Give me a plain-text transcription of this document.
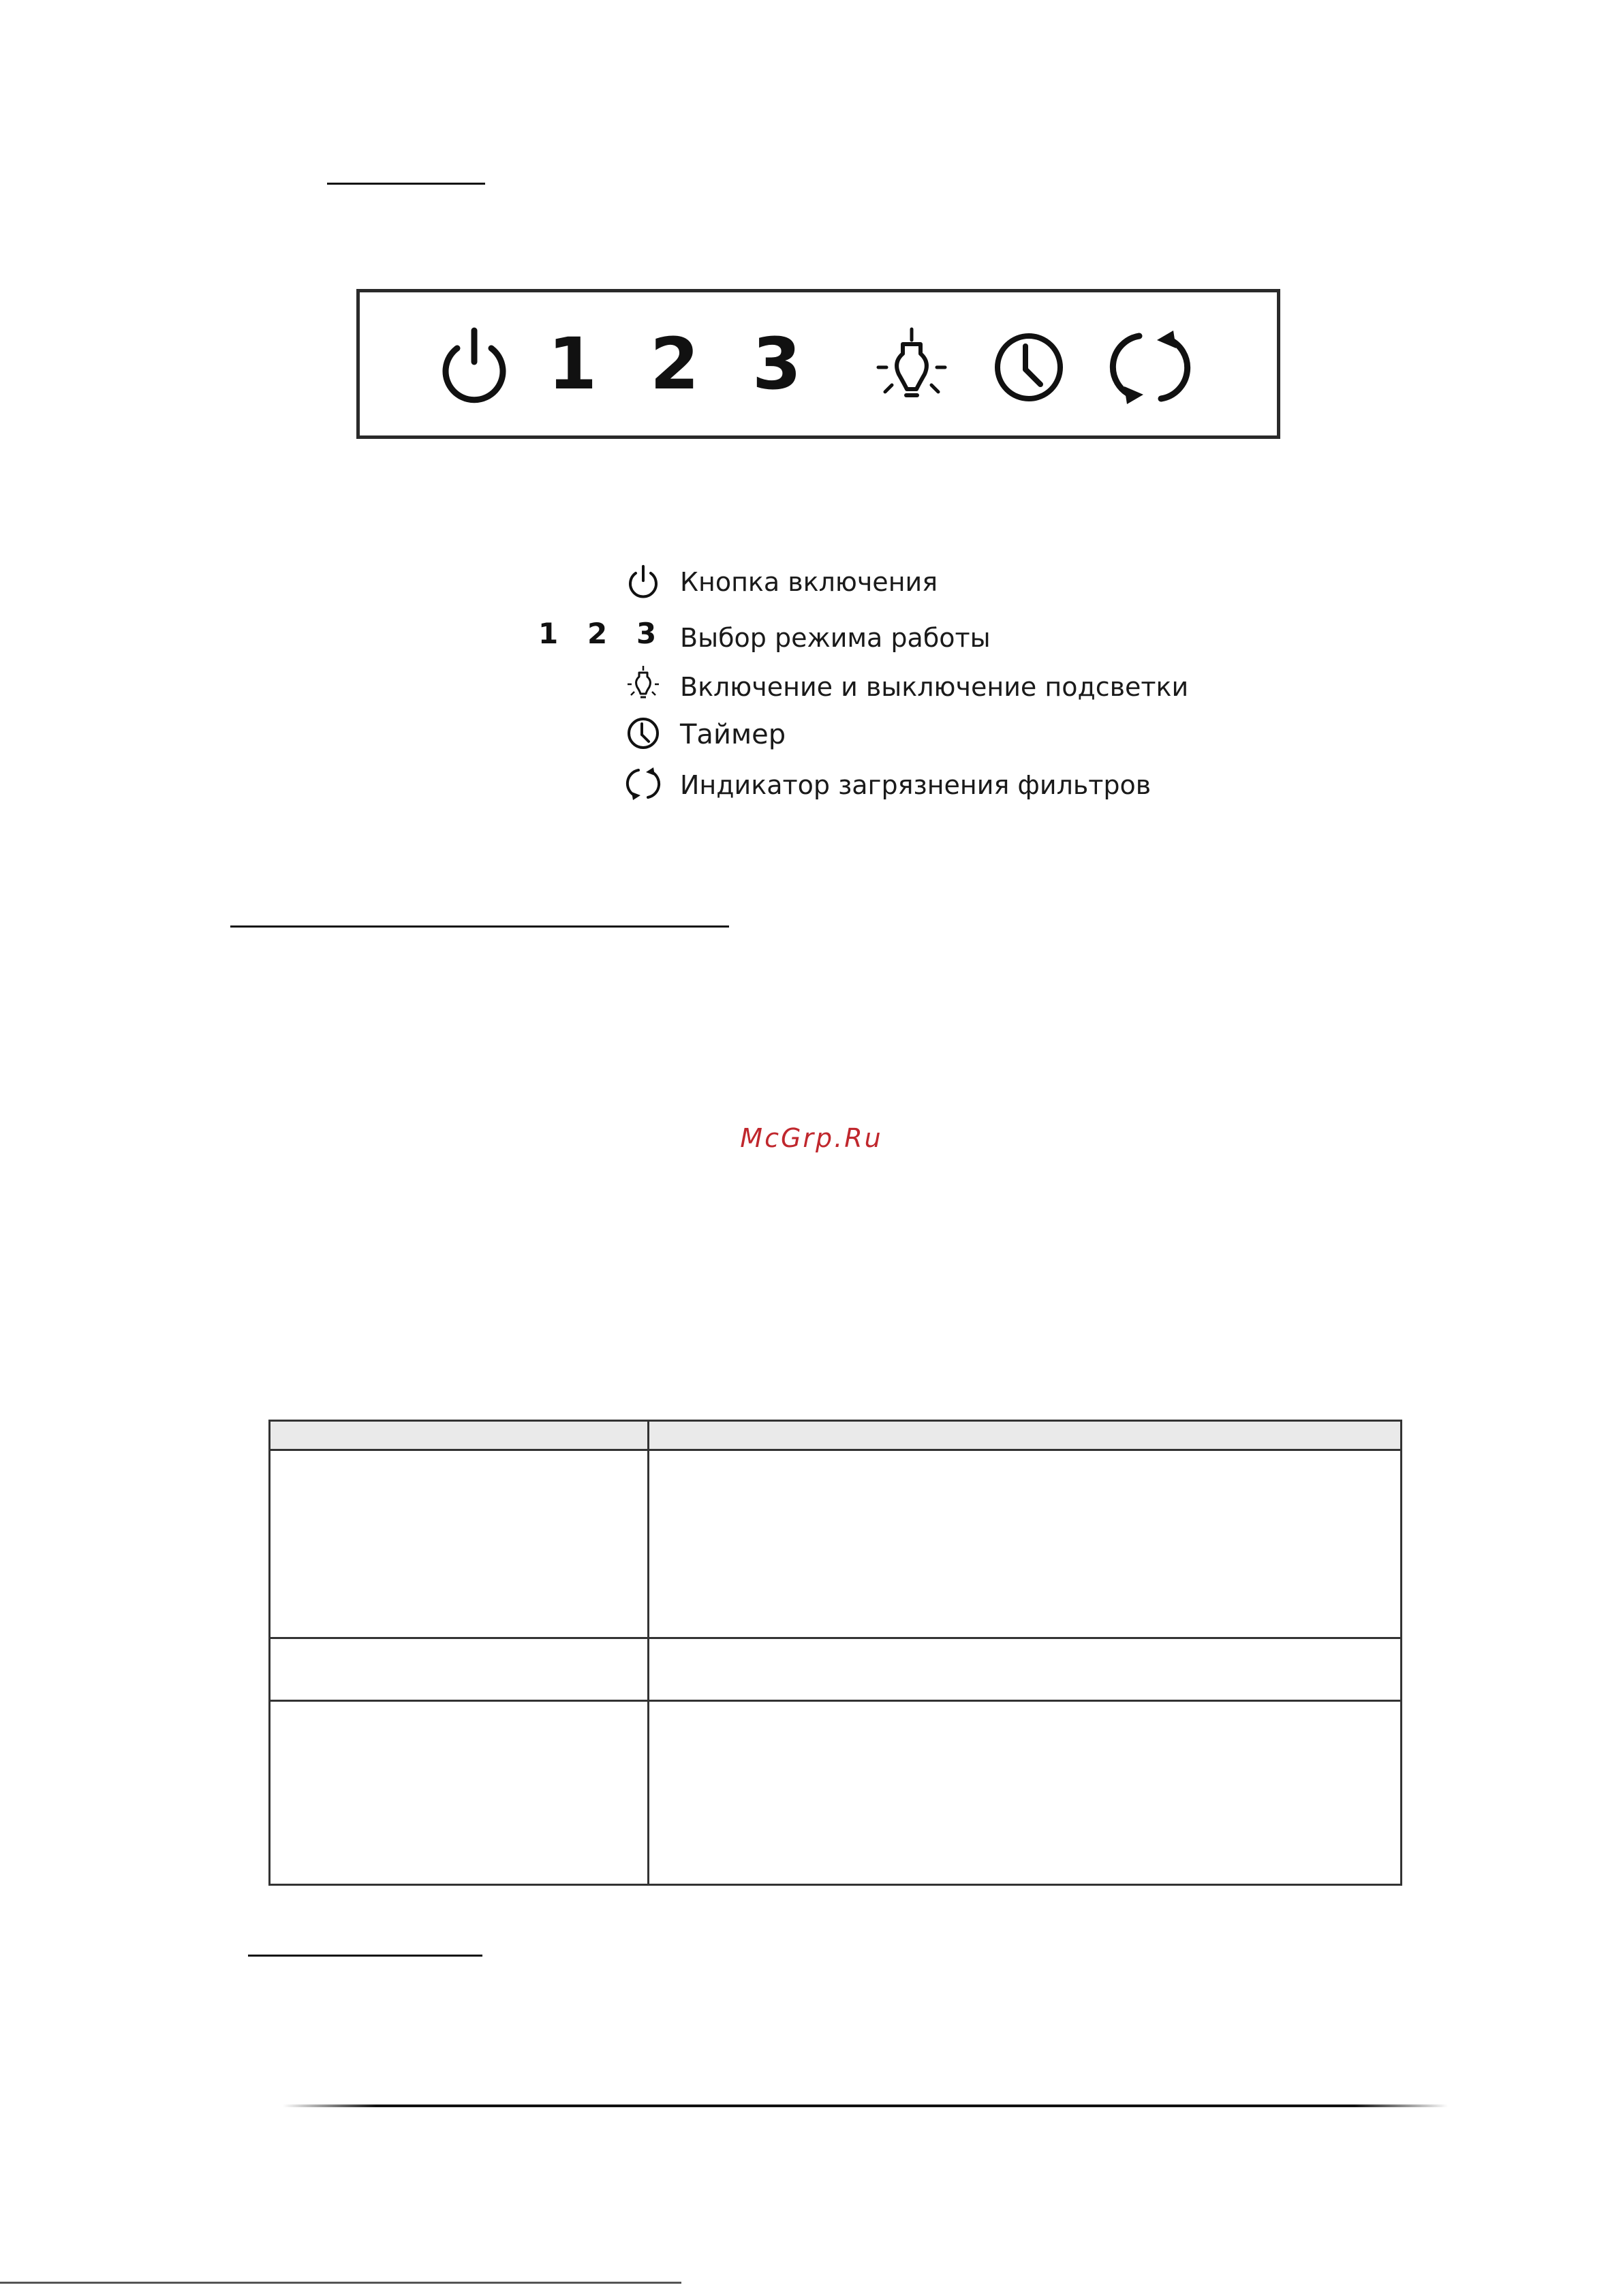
1 2 3
Кнопка включения
1 2 3 Выбор режима работы
Включение и выключение подсветки
Таймер
Индикатор загрязнения фильтров
McGrp.Ru
